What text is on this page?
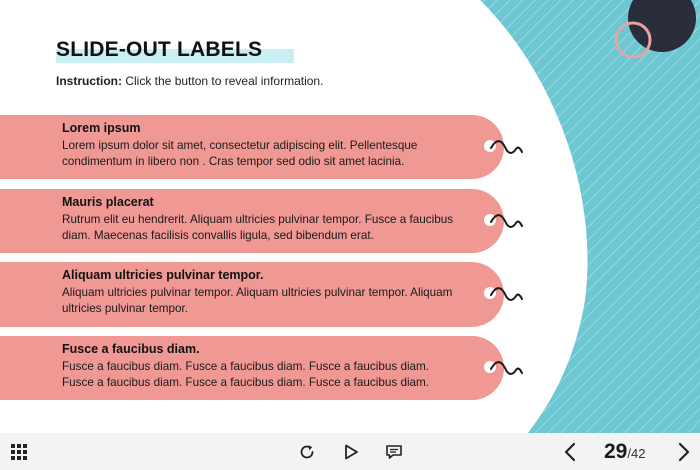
SLIDE-OUT LABELS
Instruction: Click the button to reveal information.
Lorem ipsum
Lorem ipsum dolor sit amet, consectetur adipiscing elit. Pellentesque condimentum in libero non . Cras tempor sed odio sit amet lacinia.
Mauris placerat
Rutrum elit eu hendrerit. Aliquam ultricies pulvinar tempor. Fusce a faucibus diam. Maecenas facilisis convallis ligula, sed bibendum erat.
Aliquam ultricies pulvinar tempor.
Aliquam ultricies pulvinar tempor. Aliquam ultricies pulvinar tempor. Aliquam ultricies pulvinar tempor.
Fusce a faucibus diam.
Fusce a faucibus diam. Fusce a faucibus diam. Fusce a faucibus diam. Fusce a faucibus diam. Fusce a faucibus diam. Fusce a faucibus diam.
29/42
